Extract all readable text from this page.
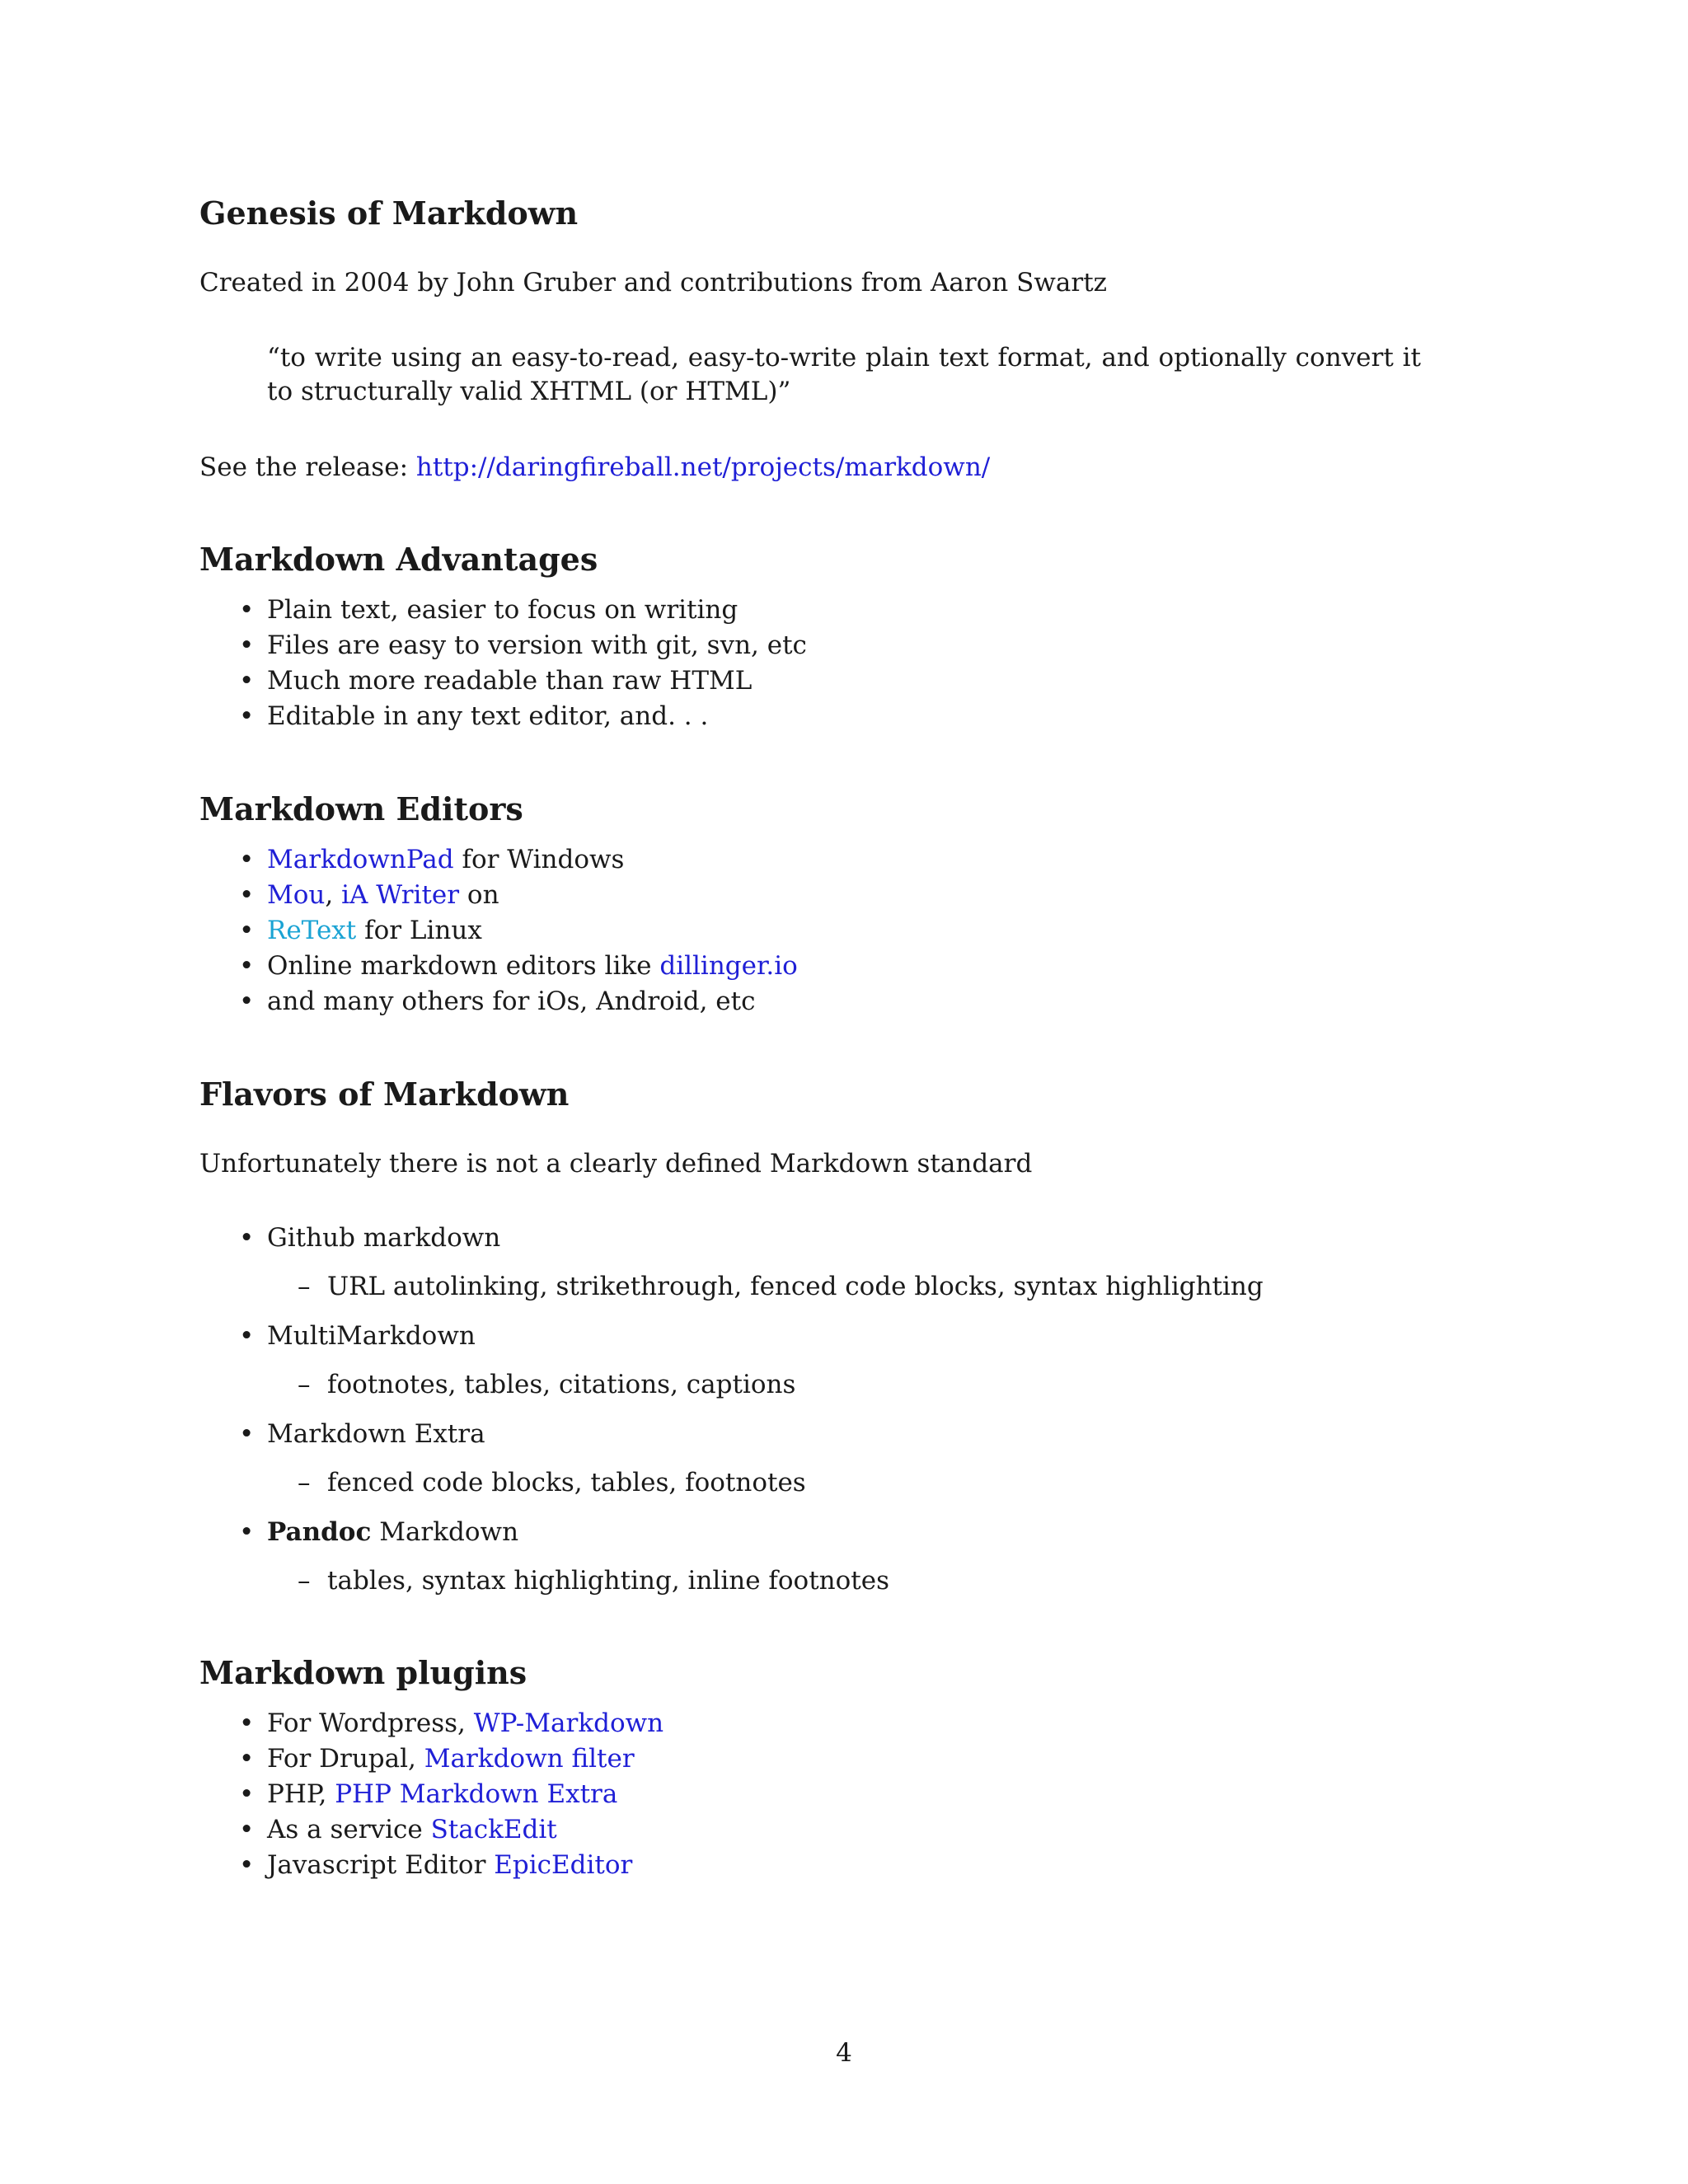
Genesis of Markdown

Created in 2004 by John Gruber and contributions from Aaron Swartz

“to write using an easy-to-read, easy-to-write plain text format, and optionally convert it to structurally valid XHTML (or HTML)”

See the release: http://daringfireball.net/projects/markdown/

Markdown Advantages

• Plain text, easier to focus on writing

• Files are easy to version with git, svn, etc

• Much more readable than raw HTML

• Editable in any text editor, and. . .

Markdown Editors

• MarkdownPad for Windows

• Mou, iA Writer on

• ReText for Linux

• Online markdown editors like dillinger.io

• and many others for iOs, Android, etc

Flavors of Markdown

Unfortunately there is not a clearly defined Markdown standard

• Github markdown

– URL autolinking, strikethrough, fenced code blocks, syntax highlighting

• MultiMarkdown

– footnotes, tables, citations, captions

• Markdown Extra

– fenced code blocks, tables, footnotes

• Pandoc Markdown

– tables, syntax highlighting, inline footnotes

Markdown plugins

• For Wordpress, WP-Markdown

• For Drupal, Markdown filter

• PHP, PHP Markdown Extra

• As a service StackEdit

• Javascript Editor EpicEditor

4
